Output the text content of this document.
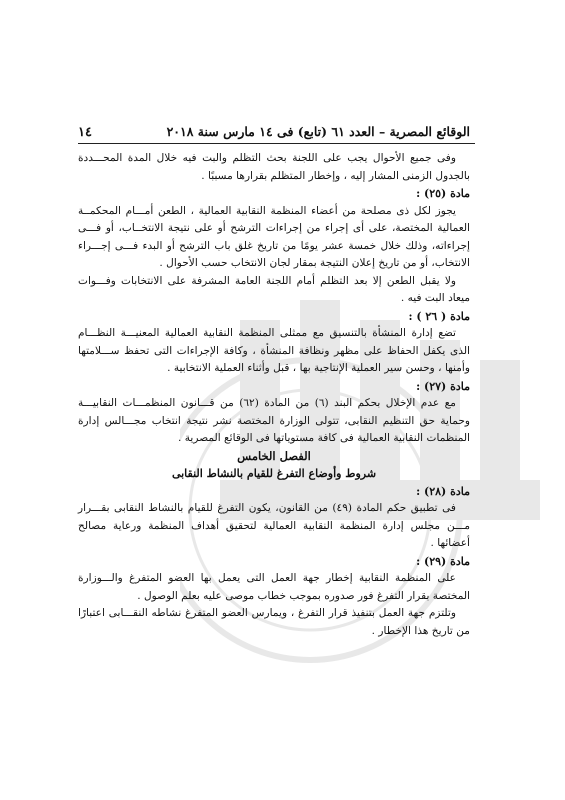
الوقائع المصرية – العدد ٦١ (تابع) فى ١٤ مارس سنة ٢٠١٨
١٤

وفى جميع الأحوال يجب على اللجنة بحث التظلم والبت فيه خلال المدة المحـــددة بالجدول الزمنى المشار إليه ، وإخطار المتظلم بقرارها مسببًا .

مادة (٢٥) :

يجوز لكل ذى مصلحة من أعضاء المنظمة النقابية العمالية ، الطعن أمـــام المحكمــة العمالية المختصة، على أى إجراء من إجراءات الترشح أو على نتيجة الانتخــاب، أو فـــى إجراءاته، وذلك خلال خمسة عشر يومًا من تاريخ غلق باب الترشح أو البدء فـــى إجـــراء الانتخاب، أو من تاريخ إعلان النتيجة بمقار لجان الانتخاب حسب الأحوال .

ولا يقبل الطعن إلا بعد التظلم أمام اللجنة العامة المشرفة على الانتخابات وفـــوات ميعاد البت فيه .

مادة ( ٢٦ ) :

تضع إدارة المنشأة بالتنسيق مع ممثلى المنظمة النقابية العمالية المعنيـــة النظـــام الذى يكفل الحفاظ على مظهر ونظافة المنشأة ، وكافة الإجراءات التى تحفظ ســـلامتها وأمنها ، وحسن سير العملية الإنتاجية بها ، قبل وأثناء العملية الانتخابية .

مادة (٢٧) :

مع عدم الإخلال بحكم البند (٦) من المادة (٦٢) من قـــانون المنظمـــات النقابيـــة وحماية حق التنظيم النقابى، تتولى الوزارة المختصة نشر نتيجة انتخاب مجـــالس إدارة المنظمات النقابية العمالية فى كافة مستوياتها فى الوقائع المصرية .

الفصل الخامس

شروط وأوضاع التفرغ للقيام بالنشاط النقابى

مادة (٢٨) :

فى تطبيق حكم المادة (٤٩) من القانون، يكون التفرغ للقيام بالنشاط النقابى بقـــرار مـــن مجلس إدارة المنظمة النقابية العمالية لتحقيق أهداف المنظمة ورعاية مصالح أعضائها .

مادة (٢٩) :

على المنظمة النقابية إخطار جهة العمل التى يعمل بها العضو المتفرغ والـــوزارة المختصة بقرار التفرغ فور صدوره بموجب خطاب موصى عليه بعلم الوصول .

وتلتزم جهة العمل بتنفيذ قرار التفرغ ، ويمارس العضو المتفرغ نشاطه النقـــابى اعتبارًا من تاريخ هذا الإخطار .
